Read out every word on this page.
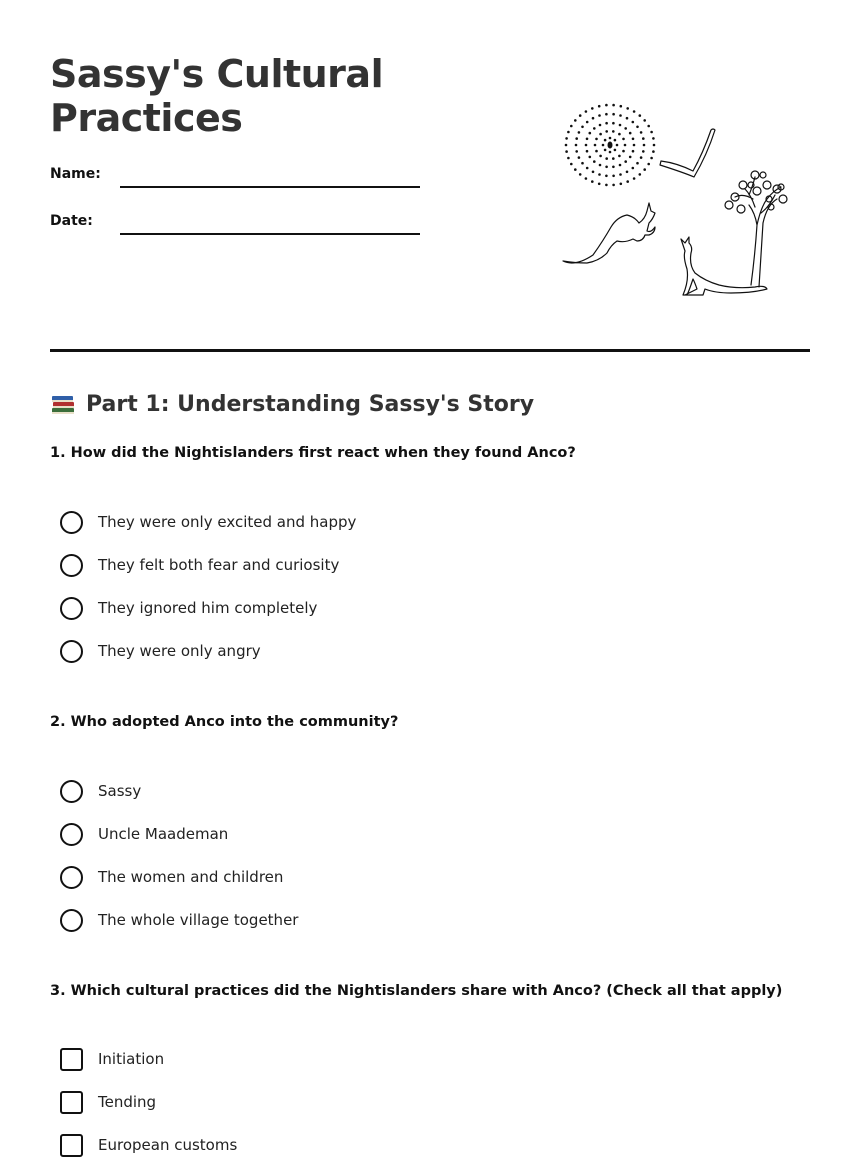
Sassy's Cultural Practices
Name:
Date:
Part 1: Understanding Sassy's Story
1. How did the Nightislanders first react when they found Anco?
They were only excited and happy
They felt both fear and curiosity
They ignored him completely
They were only angry
2. Who adopted Anco into the community?
Sassy
Uncle Maademan
The women and children
The whole village together
3. Which cultural practices did the Nightislanders share with Anco? (Check all that apply)
Initiation
Tending
European customs
